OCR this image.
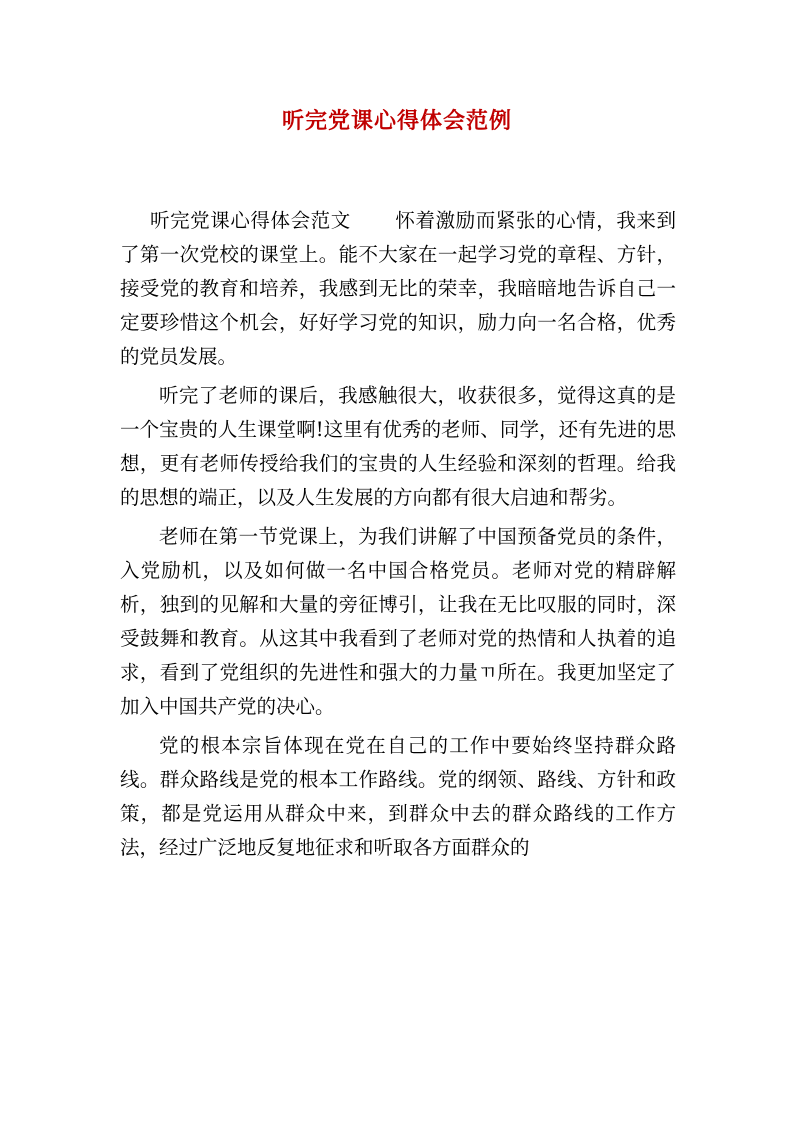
听完党课心得体会范例

听完党课心得体会范文 怀着激励而紧张的心情，我来到了第一次党校的课堂上。能不大家在一起学习党的章程、方针，接受党的教育和培养，我感到无比的荣幸，我暗暗地告诉自己一定要珍惜这个机会，好好学习党的知识，励力向一名合格，优秀的党员发展。

听完了老师的课后，我感触很大，收获很多，觉得这真的是一个宝贵的人生课堂啊!这里有优秀的老师、同学，还有先进的思想，更有老师传授给我们的宝贵的人生经验和深刻的哲理。给我的思想的端正，以及人生发展的方向都有很大启迪和帮劣。

老师在第一节党课上，为我们讲解了中国预备党员的条件，入党励机，以及如何做一名中国合格党员。老师对党的精辟解析，独到的见解和大量的旁征博引，让我在无比叹服的同时，深受鼓舞和教育。从这其中我看到了老师对党的热情和人执着的追求，看到了党组织的先进性和强大的力量ㄲ所在。我更加坚定了加入中国共产党的决心。

党的根本宗旨体现在党在自己的工作中要始终坚持群众路线。群众路线是党的根本工作路线。党的纲领、路线、方针和政策，都是党运用从群众中来，到群众中去的群众路线的工作方法，经过广泛地反复地征求和听取各方面群众的
